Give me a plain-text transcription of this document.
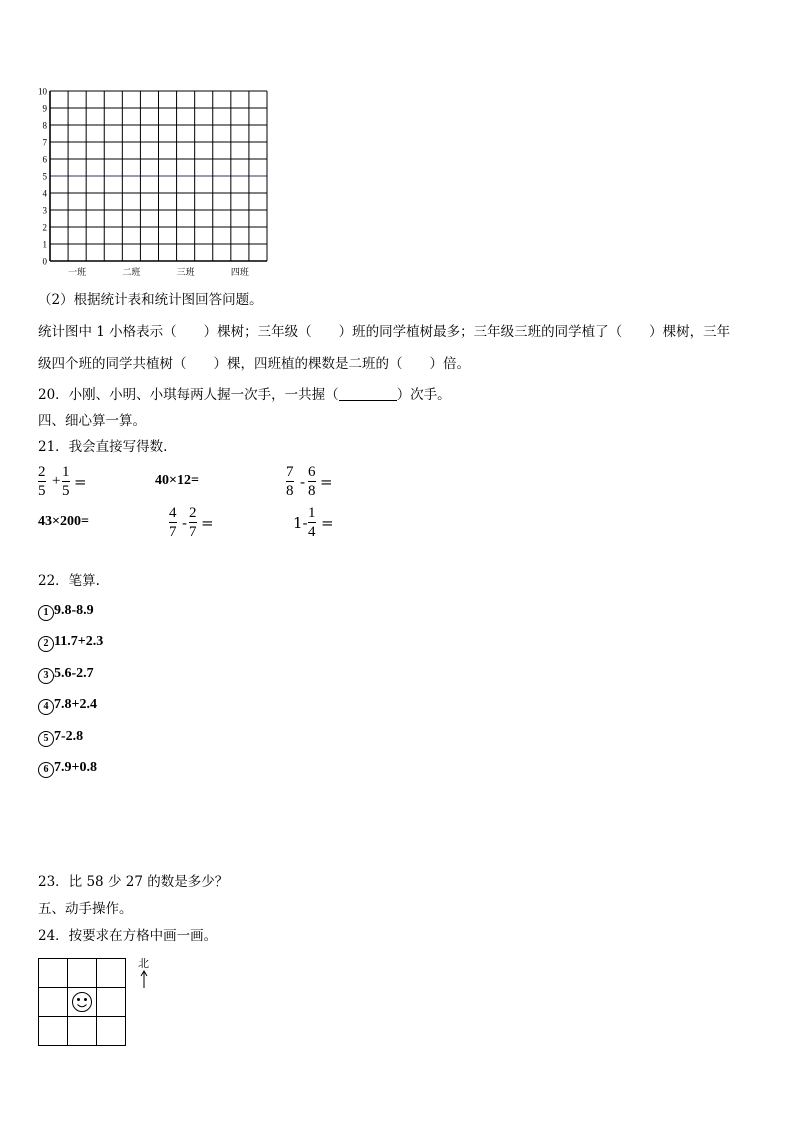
0
1
2
3
4
5
6
7
8
9
10
一班	二班	三班	四班
（2）根据统计表和统计图回答问题。
统计图中 1 小格表示（　　）棵树；三年级（　　）班的同学植树最多；三年级三班的同学植了（　　）棵树，三年
级四个班的同学共植树（　　）棵，四班植的棵数是二班的（　　）倍。
20．小刚、小明、小琪每两人握一次手，一共握（	）次手。
四、细心算一算。
21．我会直接写得数.
2
5
+
1
5 =	40×12=
7
8 -
6
8 =
43×200=
4
7 -
2
7 =	1-
1
4 =
22．笔算.
1 9.8-8.9
2 11.7+2.3
3 5.6-2.7
4 7.8+2.4
5 7-2.8
6 7.9+0.8
23．比 58 少 27 的数是多少？
五、动手操作。
24．按要求在方格中画一画。
北
